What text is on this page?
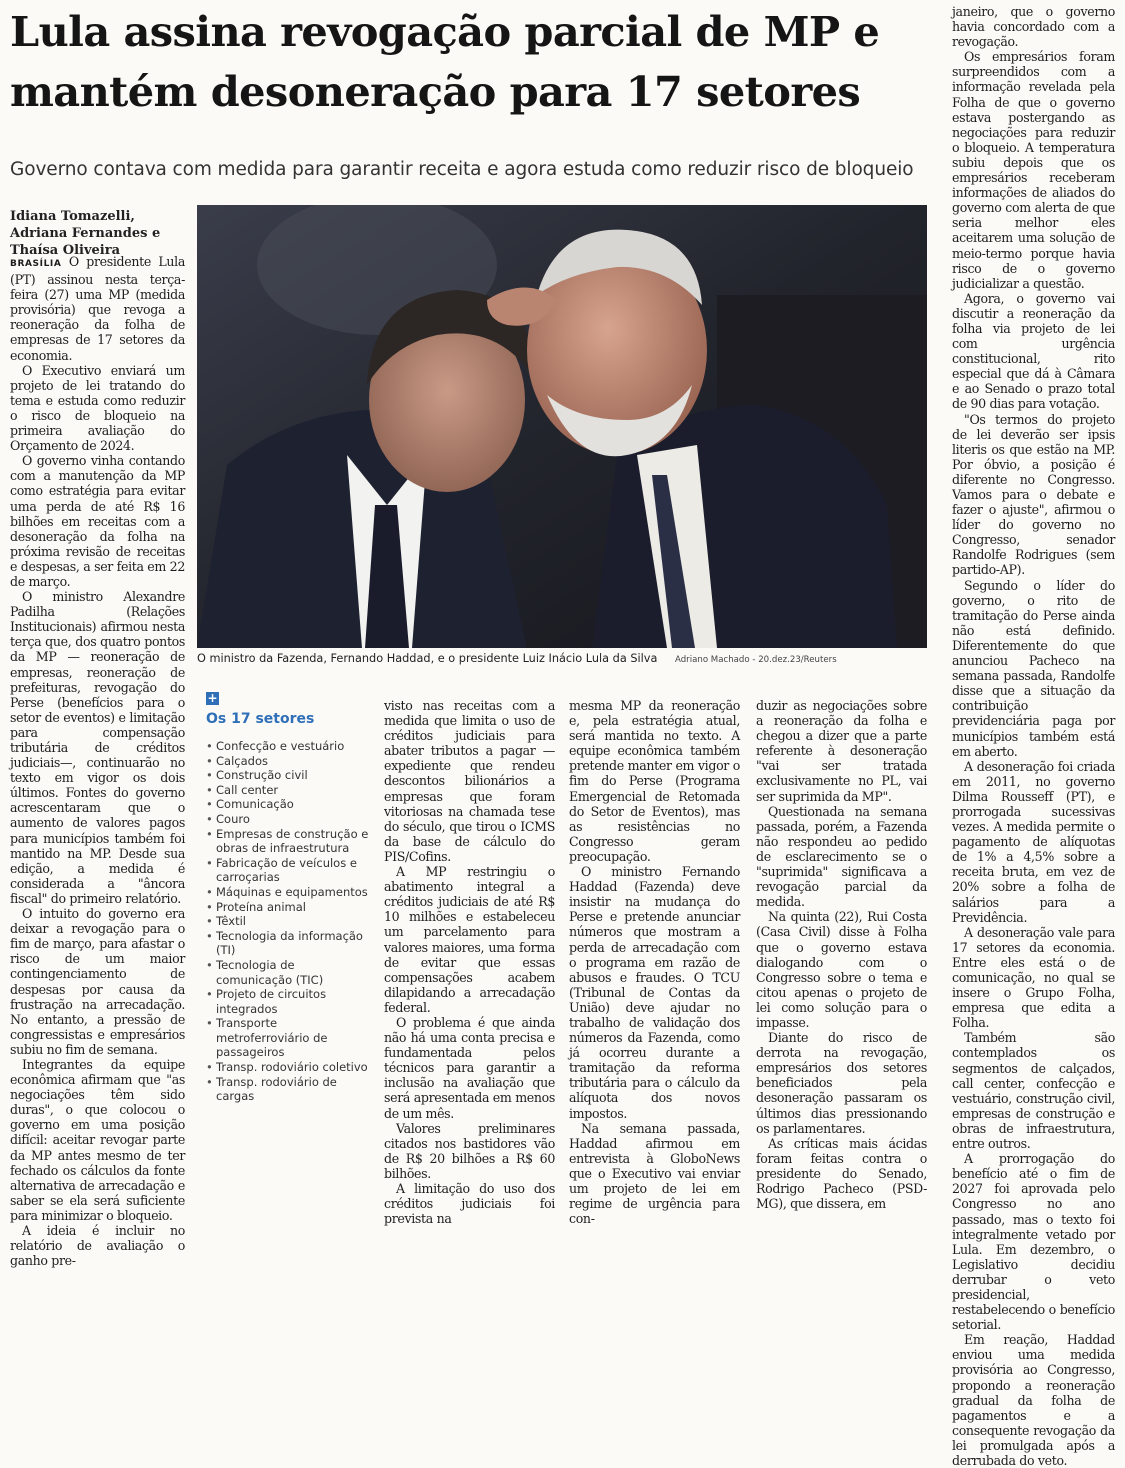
Lula assina revogação parcial de MP e
mantém desoneração para 17 setores

Governo contava com medida para garantir receita e agora estuda como reduzir risco de bloqueio

Idiana Tomazelli, Adriana Fernandes e Thaísa Oliveira

BRASÍLIA O presidente Lula (PT) assinou nesta terça-feira (27) uma MP (medida provisória) que revoga a reoneração da folha de empresas de 17 setores da economia.

O Executivo enviará um projeto de lei tratando do tema e estuda como reduzir o risco de bloqueio na primeira avaliação do Orçamento de 2024.

O governo vinha contando com a manutenção da MP como estratégia para evitar uma perda de até R$ 16 bilhões em receitas com a desoneração da folha na próxima revisão de receitas e despesas, a ser feita em 22 de março.

O ministro Alexandre Padilha (Relações Institucionais) afirmou nesta terça que, dos quatro pontos da MP — reoneração de empresas, reoneração de prefeituras, revogação do Perse (benefícios para o setor de eventos) e limitação para compensação tributária de créditos judiciais—, continuarão no texto em vigor os dois últimos. Fontes do governo acrescentaram que o aumento de valores pagos para municípios também foi mantido na MP. Desde sua edição, a medida é considerada a "âncora fiscal" do primeiro relatório.

O intuito do governo era deixar a revogação para o fim de março, para afastar o risco de um maior contingenciamento de despesas por causa da frustração na arrecadação. No entanto, a pressão de congressistas e empresários subiu no fim de semana.

Integrantes da equipe econômica afirmam que "as negociações têm sido duras", o que colocou o governo em uma posição difícil: aceitar revogar parte da MP antes mesmo de ter fechado os cálculos da fonte alternativa de arrecadação e saber se ela será suficiente para minimizar o bloqueio.

A ideia é incluir no relatório de avaliação o ganho pre-

O ministro da Fazenda, Fernando Haddad, e o presidente Luiz Inácio Lula da Silva	Adriano Machado - 20.dez.23/Reuters

+
Os 17 setores
• Confecção e vestuário
• Calçados
• Construção civil
• Call center
• Comunicação
• Couro
• Empresas de construção e obras de infraestrutura
• Fabricação de veículos e carroçarias
• Máquinas e equipamentos
• Proteína animal
• Têxtil
• Tecnologia da informação (TI)
• Tecnologia de comunicação (TIC)
• Projeto de circuitos integrados
• Transporte metroferroviário de passageiros
• Transp. rodoviário coletivo
• Transp. rodoviário de cargas

visto nas receitas com a medida que limita o uso de créditos judiciais para abater tributos a pagar — expediente que rendeu descontos bilionários a empresas que foram vitoriosas na chamada tese do século, que tirou o ICMS da base de cálculo do PIS/Cofins.

A MP restringiu o abatimento integral a créditos judiciais de até R$ 10 milhões e estabeleceu um parcelamento para valores maiores, uma forma de evitar que essas compensações acabem dilapidando a arrecadação federal.

O problema é que ainda não há uma conta precisa e fundamentada pelos técnicos para garantir a inclusão na avaliação que será apresentada em menos de um mês.

Valores preliminares citados nos bastidores vão de R$ 20 bilhões a R$ 60 bilhões.

A limitação do uso dos créditos judiciais foi prevista na

mesma MP da reoneração e, pela estratégia atual, será mantida no texto. A equipe econômica também pretende manter em vigor o fim do Perse (Programa Emergencial de Retomada do Setor de Eventos), mas as resistências no Congresso geram preocupação.

O ministro Fernando Haddad (Fazenda) deve insistir na mudança do Perse e pretende anunciar números que mostram a perda de arrecadação com o programa em razão de abusos e fraudes. O TCU (Tribunal de Contas da União) deve ajudar no trabalho de validação dos números da Fazenda, como já ocorreu durante a tramitação da reforma tributária para o cálculo da alíquota dos novos impostos.

Na semana passada, Haddad afirmou em entrevista à GloboNews que o Executivo vai enviar um projeto de lei em regime de urgência para con-

duzir as negociações sobre a reoneração da folha e chegou a dizer que a parte referente à desoneração "vai ser tratada exclusivamente no PL, vai ser suprimida da MP".

Questionada na semana passada, porém, a Fazenda não respondeu ao pedido de esclarecimento se o "suprimida" significava a revogação parcial da medida.

Na quinta (22), Rui Costa (Casa Civil) disse à Folha que o governo estava dialogando com o Congresso sobre o tema e citou apenas o projeto de lei como solução para o impasse.

Diante do risco de derrota na revogação, empresários dos setores beneficiados pela desoneração passaram os últimos dias pressionando os parlamentares.

As críticas mais ácidas foram feitas contra o presidente do Senado, Rodrigo Pacheco (PSD-MG), que dissera, em

janeiro, que o governo havia concordado com a revogação.

Os empresários foram surpreendidos com a informação revelada pela Folha de que o governo estava postergando as negociações para reduzir o bloqueio. A temperatura subiu depois que os empresários receberam informações de aliados do governo com alerta de que seria melhor eles aceitarem uma solução de meio-termo porque havia risco de o governo judicializar a questão.

Agora, o governo vai discutir a reoneração da folha via projeto de lei com urgência constitucional, rito especial que dá à Câmara e ao Senado o prazo total de 90 dias para votação.

"Os termos do projeto de lei deverão ser ipsis literis os que estão na MP. Por óbvio, a posição é diferente no Congresso. Vamos para o debate e fazer o ajuste", afirmou o líder do governo no Congresso, senador Randolfe Rodrigues (sem partido-AP).

Segundo o líder do governo, o rito de tramitação do Perse ainda não está definido. Diferentemente do que anunciou Pacheco na semana passada, Randolfe disse que a situação da contribuição previdenciária paga por municípios também está em aberto.

A desoneração foi criada em 2011, no governo Dilma Rousseff (PT), e prorrogada sucessivas vezes. A medida permite o pagamento de alíquotas de 1% a 4,5% sobre a receita bruta, em vez de 20% sobre a folha de salários para a Previdência.

A desoneração vale para 17 setores da economia. Entre eles está o de comunicação, no qual se insere o Grupo Folha, empresa que edita a Folha.

Também são contemplados os segmentos de calçados, call center, confecção e vestuário, construção civil, empresas de construção e obras de infraestrutura, entre outros.

A prorrogação do benefício até o fim de 2027 foi aprovada pelo Congresso no ano passado, mas o texto foi integralmente vetado por Lula. Em dezembro, o Legislativo decidiu derrubar o veto presidencial, restabelecendo o benefício setorial.

Em reação, Haddad enviou uma medida provisória ao Congresso, propondo a reoneração gradual da folha de pagamentos e a consequente revogação da lei promulgada após a derrubada do veto.
